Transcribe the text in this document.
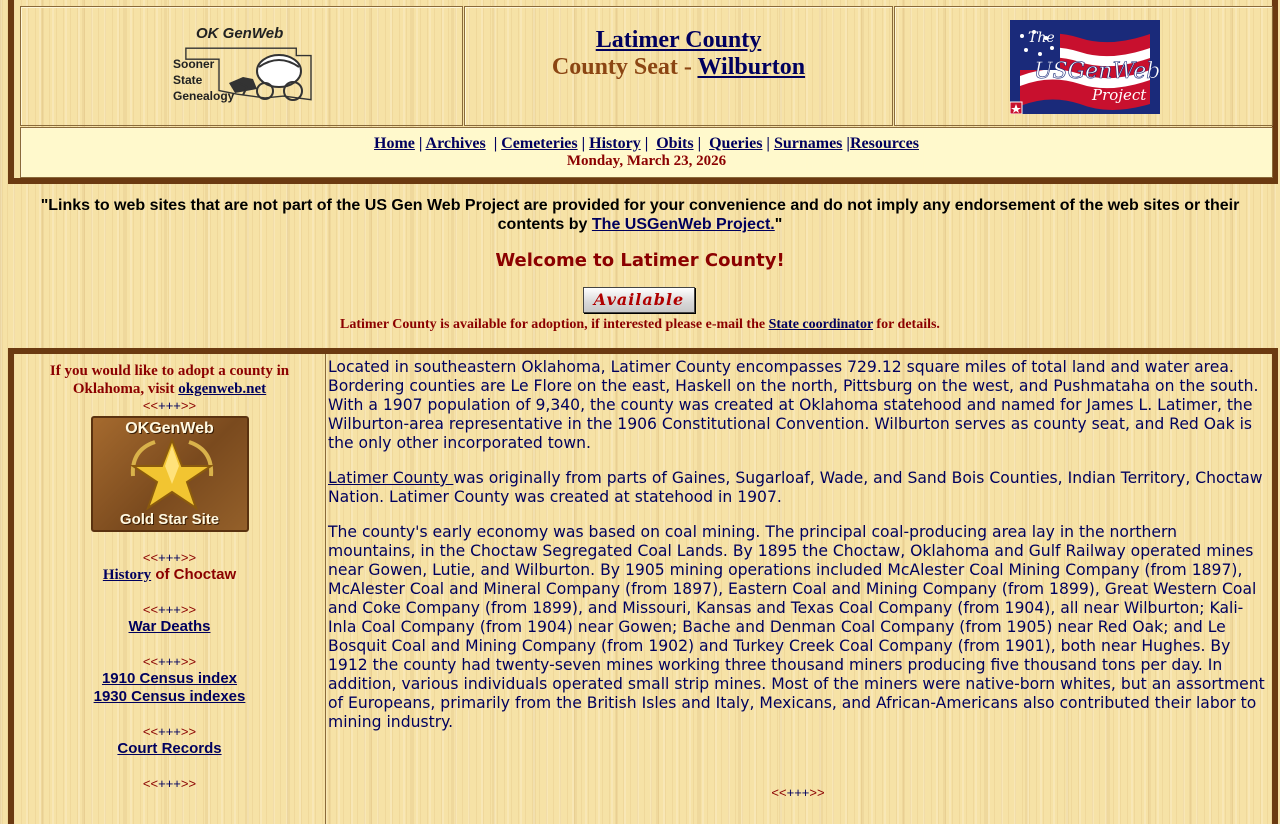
OK GenWeb
Sooner
State
Genealogy
Latimer County
County Seat - Wilburton
The
USGenWeb
Project
Home | Archives  | Cemeteries | History |  Obits |  Queries | Surnames |Resources
Monday, March 23, 2026
"Links to web sites that are not part of the US Gen Web Project are provided for your convenience and do not imply any endorsement of the web sites or their contents by The USGenWeb Project."
Welcome to Latimer County!
Available
Latimer County is available for adoption, if interested please e-mail the State coordinator for details.
If you would like to adopt a county in Oklahoma, visit okgenweb.net
<<+++>>
OKGenWeb
Gold Star Site
<<+++>>
History of Choctaw
<<+++>>
War Deaths
<<+++>>
1910 Census index
1930 Census indexes
<<+++>>
Court Records
<<+++>>

Located in southeastern Oklahoma, Latimer County encompasses 729.12 square miles of total land and water area. Bordering counties are Le Flore on the east, Haskell on the north, Pittsburg on the west, and Pushmataha on the south. With a 1907 population of 9,340, the county was created at Oklahoma statehood and named for James L. Latimer, the Wilburton-area representative in the 1906 Constitutional Convention. Wilburton serves as county seat, and Red Oak is the only other incorporated town.

Latimer County was originally from parts of Gaines, Sugarloaf, Wade, and Sand Bois Counties, Indian Territory, Choctaw Nation. Latimer County was created at statehood in 1907.

The county's early economy was based on coal mining. The principal coal-producing area lay in the northern mountains, in the Choctaw Segregated Coal Lands. By 1895 the Choctaw, Oklahoma and Gulf Railway operated mines near Gowen, Lutie, and Wilburton. By 1905 mining operations included McAlester Coal Mining Company (from 1897), McAlester Coal and Mineral Company (from 1897), Eastern Coal and Mining Company (from 1899), Great Western Coal and Coke Company (from 1899), and Missouri, Kansas and Texas Coal Company (from 1904), all near Wilburton; Kali-Inla Coal Company (from 1904) near Gowen; Bache and Denman Coal Company (from 1905) near Red Oak; and Le Bosquit Coal and Mining Company (from 1902) and Turkey Creek Coal Company (from 1901), both near Hughes. By 1912 the county had twenty-seven mines working three thousand miners producing five thousand tons per day. In addition, various individuals operated small strip mines. Most of the miners were native-born whites, but an assortment of Europeans, primarily from the British Isles and Italy, Mexicans, and African-Americans also contributed their labor to mining industry.

<<+++>>
